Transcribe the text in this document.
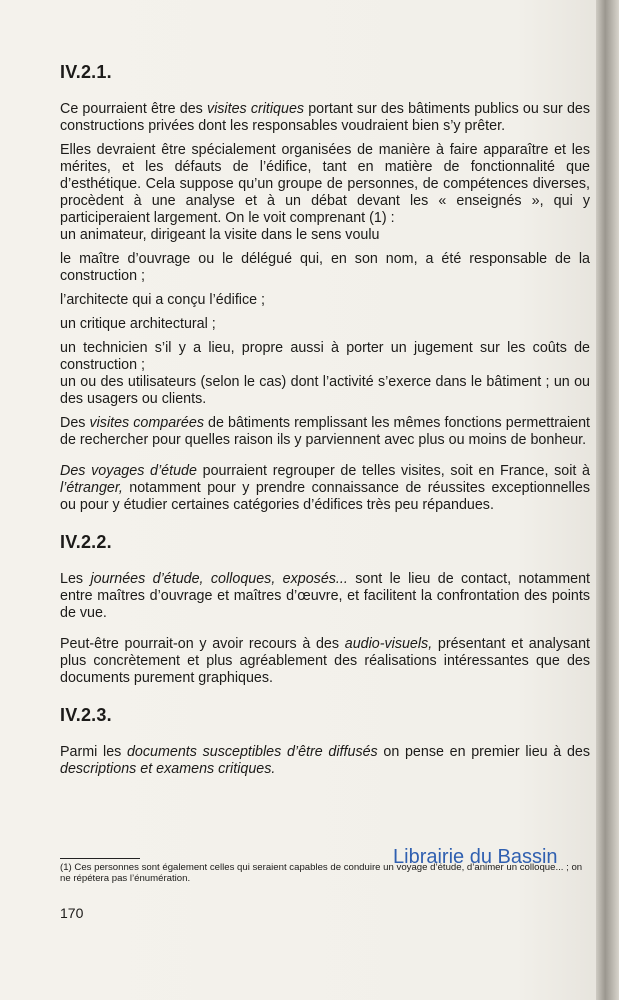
IV.2.1.

Ce pourraient être des visites critiques portant sur des bâtiments publics ou sur des constructions privées dont les responsables voudraient bien s’y prêter.

Elles devraient être spécialement organisées de manière à faire apparaître et les mérites, et les défauts de l’édifice, tant en matière de fonctionnalité que d’esthétique. Cela suppose qu’un groupe de personnes, de compétences diverses, procèdent à une analyse et à un débat devant les « enseignés », qui y participeraient largement. On le voit comprenant (1) :

un animateur, dirigeant la visite dans le sens voulu

le maître d’ouvrage ou le délégué qui, en son nom, a été responsable de la construction ;

l’architecte qui a conçu l’édifice ;

un critique architectural ;

un technicien s’il y a lieu, propre aussi à porter un jugement sur les coûts de construction ;

un ou des utilisateurs (selon le cas) dont l’activité s’exerce dans le bâtiment ; un ou des usagers ou clients.

Des visites comparées de bâtiments remplissant les mêmes fonctions permettraient de rechercher pour quelles raison ils y parviennent avec plus ou moins de bonheur.

Des voyages d’étude pourraient regrouper de telles visites, soit en France, soit à l’étranger, notamment pour y prendre connaissance de réussites exceptionnelles ou pour y étudier certaines catégories d’édifices très peu répandues.

IV.2.2.

Les journées d’étude, colloques, exposés... sont le lieu de contact, notamment entre maîtres d’ouvrage et maîtres d’œuvre, et facilitent la confrontation des points de vue.

Peut-être pourrait-on y avoir recours à des audio-visuels, présentant et analysant plus concrètement et plus agréablement des réalisations intéressantes que des documents purement graphiques.

IV.2.3.

Parmi les documents susceptibles d’être diffusés on pense en premier lieu à des descriptions et examens critiques.

(1) Ces personnes sont également celles qui seraient capables de conduire un voyage d’étude, d’animer un colloque... ; on ne répétera pas l’énumération.
170
Librairie du Bassin
